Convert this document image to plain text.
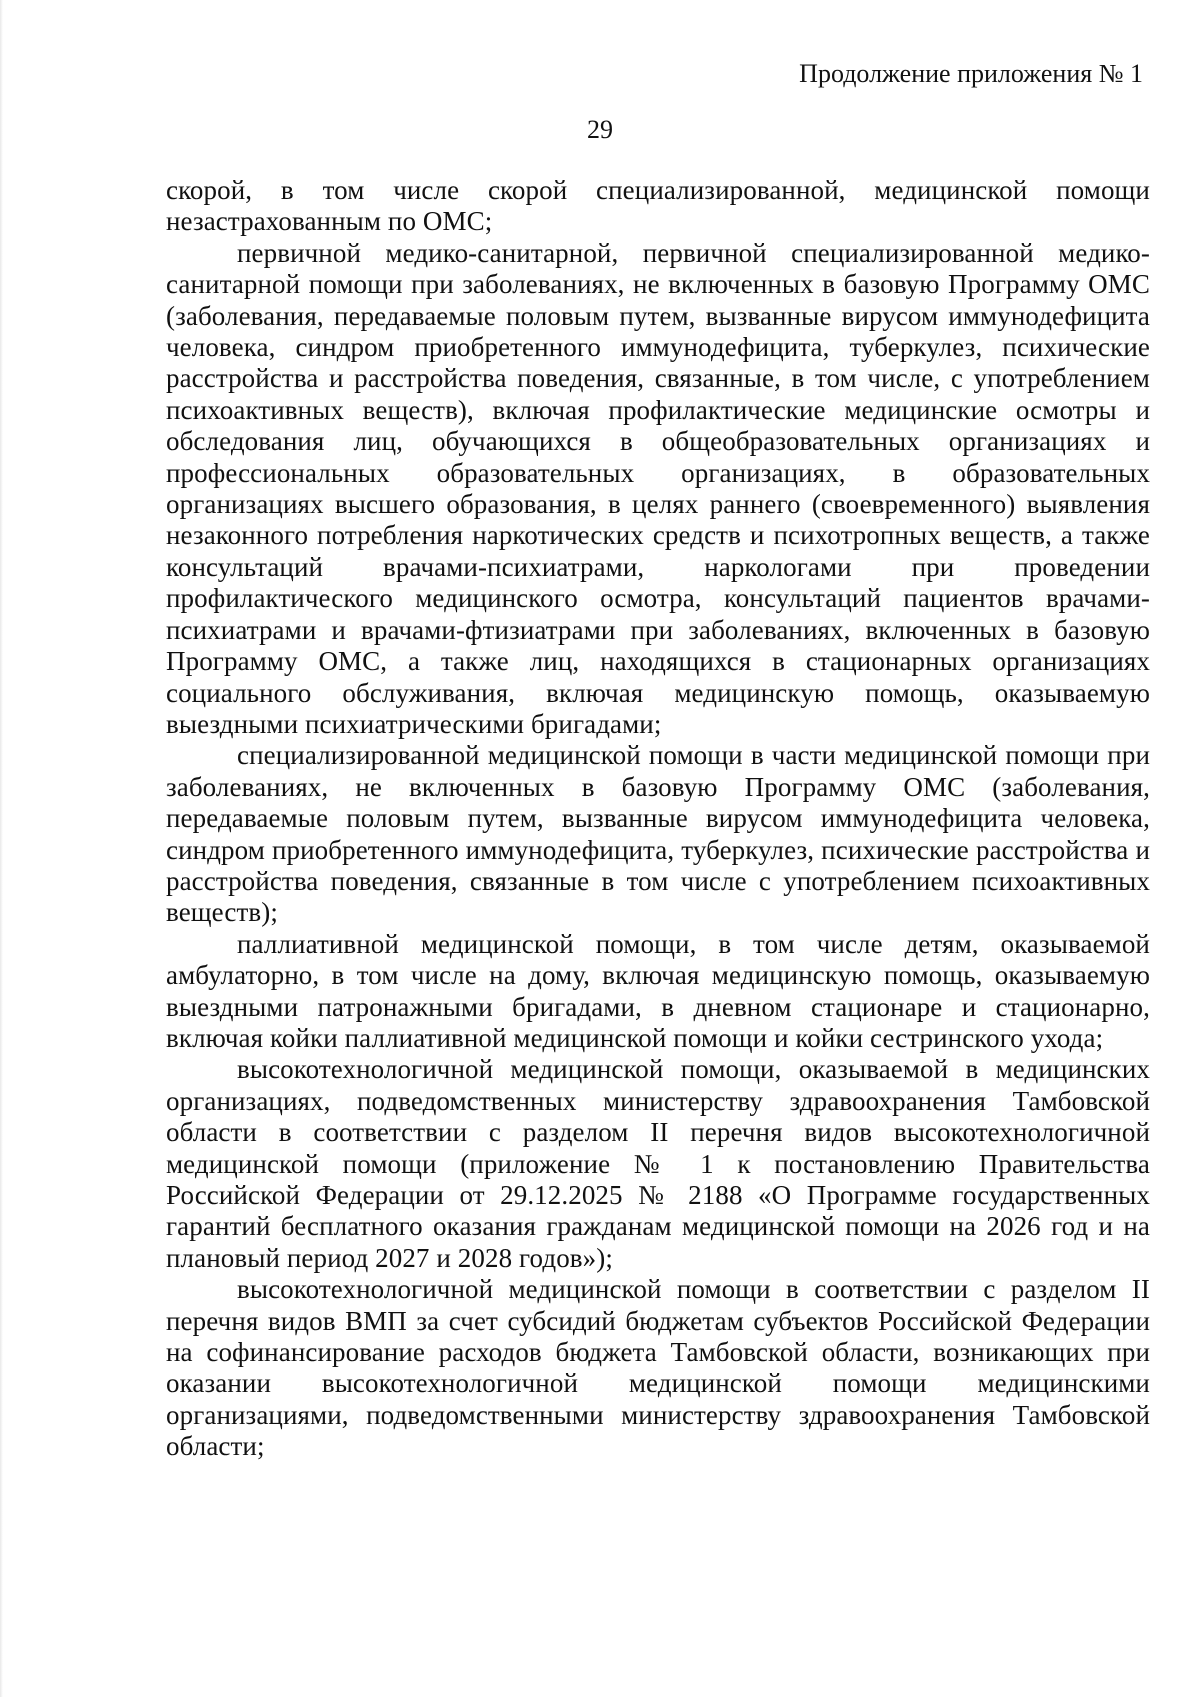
Продолжение приложения № 1
29

скорой, в том числе скорой специализированной, медицинской помощи незастрахованным по ОМС;

первичной медико-санитарной, первичной специализированной медико-санитарной помощи при заболеваниях, не включенных в базовую Программу ОМС (заболевания, передаваемые половым путем, вызванные вирусом иммунодефицита человека, синдром приобретенного иммунодефицита, туберкулез, психические расстройства и расстройства поведения, связанные, в том числе, с употреблением психоактивных веществ), включая профилактические медицинские осмотры и обследования лиц, обучающихся в общеобразовательных организациях и профессиональных образовательных организациях, в образовательных организациях высшего образования, в целях раннего (своевременного) выявления незаконного потребления наркотических средств и психотропных веществ, а также консультаций врачами-психиатрами, наркологами при проведении профилактического медицинского осмотра, консультаций пациентов врачами-психиатрами и врачами-фтизиатрами при заболеваниях, включенных в базовую Программу ОМС, а также лиц, находящихся в стационарных организациях социального обслуживания, включая медицинскую помощь, оказываемую выездными психиатрическими бригадами;

специализированной медицинской помощи в части медицинской помощи при заболеваниях, не включенных в базовую Программу ОМС (заболевания, передаваемые половым путем, вызванные вирусом иммунодефицита человека, синдром приобретенного иммунодефицита, туберкулез, психические расстройства и расстройства поведения, связанные в том числе с употреблением психоактивных веществ);

паллиативной медицинской помощи, в том числе детям, оказываемой амбулаторно, в том числе на дому, включая медицинскую помощь, оказываемую выездными патронажными бригадами, в дневном стационаре и стационарно, включая койки паллиативной медицинской помощи и койки сестринского ухода;

высокотехнологичной медицинской помощи, оказываемой в медицинских организациях, подведомственных министерству здравоохранения Тамбовской области в соответствии с разделом II перечня видов высокотехнологичной медицинской помощи (приложение № 1 к постановлению Правительства Российской Федерации от 29.12.2025 № 2188 «О Программе государственных гарантий бесплатного оказания гражданам медицинской помощи на 2026 год и на плановый период 2027 и 2028 годов»);

высокотехнологичной медицинской помощи в соответствии с разделом II перечня видов ВМП за счет субсидий бюджетам субъектов Российской Федерации на софинансирование расходов бюджета Тамбовской области, возникающих при оказании высокотехнологичной медицинской помощи медицинскими организациями, подведомственными министерству здравоохранения Тамбовской области;
